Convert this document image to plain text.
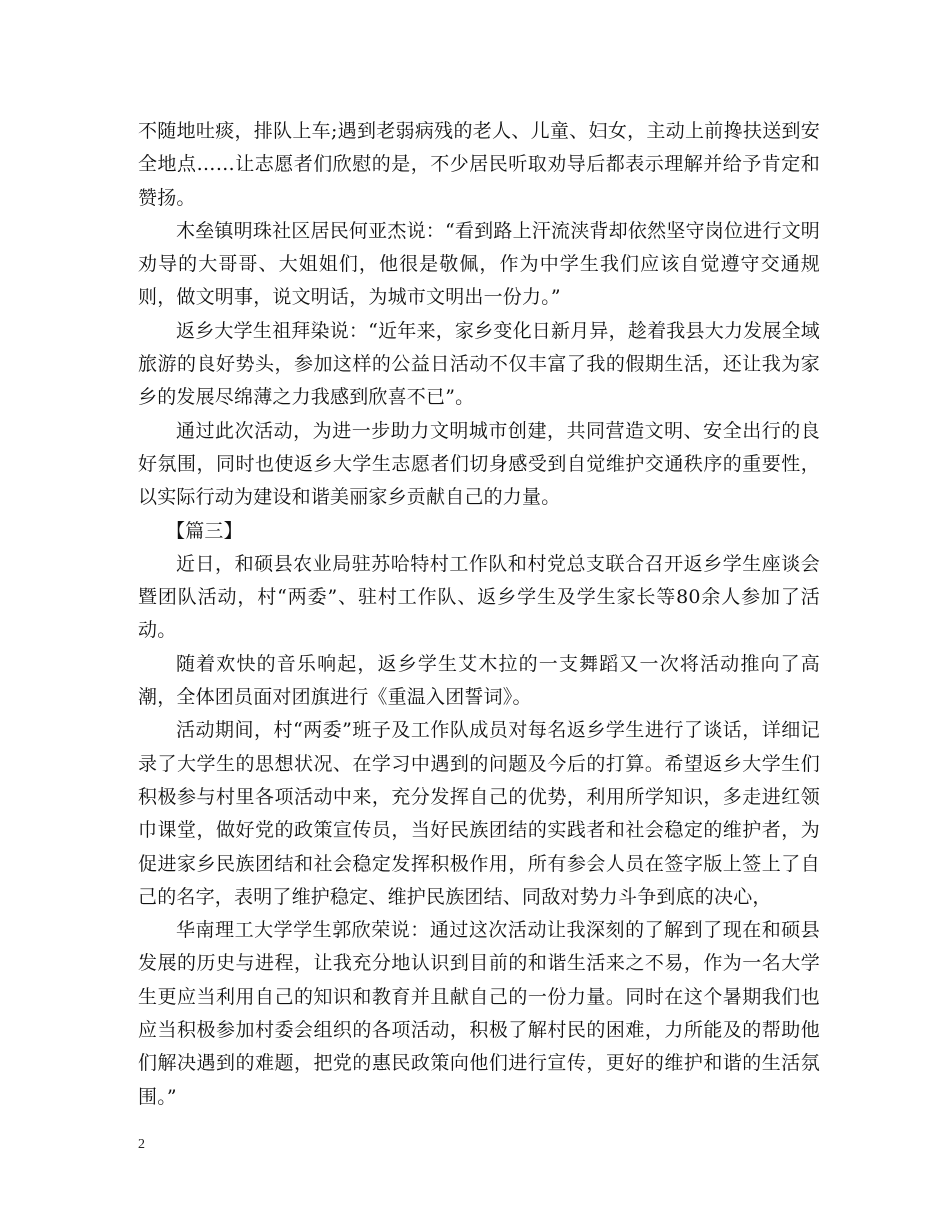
不随地吐痰，排队上车;遇到老弱病残的老人、儿童、妇女，主动上前搀扶送到安全地点……让志愿者们欣慰的是，不少居民听取劝导后都表示理解并给予肯定和赞扬。

木垒镇明珠社区居民何亚杰说：“看到路上汗流浃背却依然坚守岗位进行文明劝导的大哥哥、大姐姐们，他很是敬佩，作为中学生我们应该自觉遵守交通规则，做文明事，说文明话，为城市文明出一份力。”

返乡大学生祖拜染说：“近年来，家乡变化日新月异，趁着我县大力发展全域旅游的良好势头，参加这样的公益日活动不仅丰富了我的假期生活，还让我为家乡的发展尽绵薄之力我感到欣喜不已”。

通过此次活动，为进一步助力文明城市创建，共同营造文明、安全出行的良好氛围，同时也使返乡大学生志愿者们切身感受到自觉维护交通秩序的重要性，以实际行动为建设和谐美丽家乡贡献自己的力量。

【篇三】

近日，和硕县农业局驻苏哈特村工作队和村党总支联合召开返乡学生座谈会暨团队活动，村“两委”、驻村工作队、返乡学生及学生家长等80余人参加了活动。

随着欢快的音乐响起，返乡学生艾木拉的一支舞蹈又一次将活动推向了高潮，全体团员面对团旗进行《重温入团誓词》。

活动期间，村“两委”班子及工作队成员对每名返乡学生进行了谈话，详细记录了大学生的思想状况、在学习中遇到的问题及今后的打算。希望返乡大学生们积极参与村里各项活动中来，充分发挥自己的优势，利用所学知识，多走进红领巾课堂，做好党的政策宣传员，当好民族团结的实践者和社会稳定的维护者，为促进家乡民族团结和社会稳定发挥积极作用，所有参会人员在签字版上签上了自己的名字，表明了维护稳定、维护民族团结、同敌对势力斗争到底的决心，

华南理工大学学生郭欣荣说：通过这次活动让我深刻的了解到了现在和硕县发展的历史与进程，让我充分地认识到目前的和谐生活来之不易，作为一名大学生更应当利用自己的知识和教育并且献自己的一份力量。同时在这个暑期我们也应当积极参加村委会组织的各项活动，积极了解村民的困难，力所能及的帮助他们解决遇到的难题，把党的惠民政策向他们进行宣传，更好的维护和谐的生活氛围。”

2
